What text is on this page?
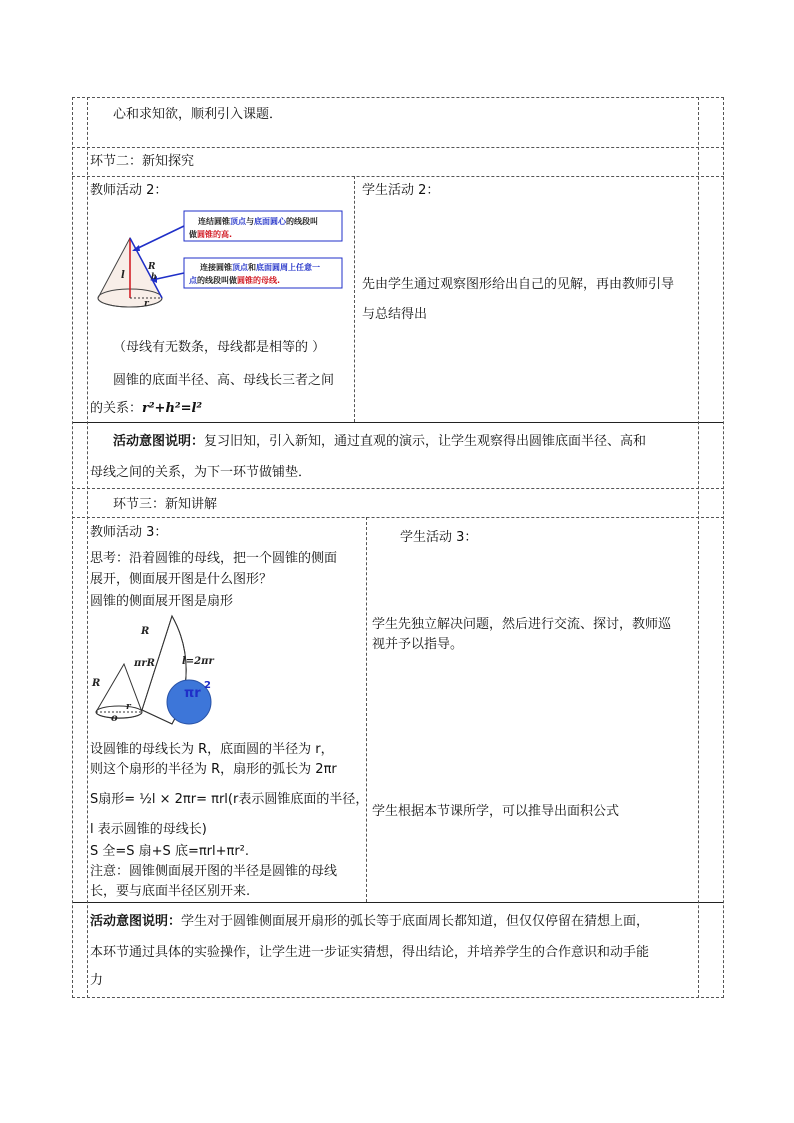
心和求知欲，顺利引入课题．
环节二：新知探究
教师活动 2：
连结圆锥顶点与底面圆心的线段叫
做圆锥的高.
连接圆锥顶点和底面圆周上任意一
点的线段叫做圆锥的母线.
l
R
h
r
（母线有无数条，母线都是相等的 ）
圆锥的底面半径、高、母线长三者之间
的关系：r²+h²=l²
学生活动 2：
先由学生通过观察图形给出自己的见解，再由教师引导
与总结得出
活动意图说明：复习旧知，引入新知，通过直观的演示，让学生观察得出圆锥底面半径、高和
母线之间的关系，为下一环节做铺垫．
环节三：新知讲解
教师活动 3：
思考：沿着圆锥的母线，把一个圆锥的侧面
展开，侧面展开图是什么图形？
圆锥的侧面展开图是扇形
R
πrR	l=2πr
R
r
o
πr
2
设圆锥的母线长为 R，底面圆的半径为 r，
则这个扇形的半径为 R，扇形的弧长为 2πr
S扇形= ½l × 2πr= πrl(r表示圆锥底面的半径，
l 表示圆锥的母线长)
S 全=S 扇+S 底=πrl+πr².
注意：圆锥侧面展开图的半径是圆锥的母线
长，要与底面半径区别开来.
学生活动 3：
学生先独立解决问题，然后进行交流、探讨，教师巡
视并予以指导。
学生根据本节课所学，可以推导出面积公式
活动意图说明：学生对于圆锥侧面展开扇形的弧长等于底面周长都知道，但仅仅停留在猜想上面，
本环节通过具体的实验操作，让学生进一步证实猜想，得出结论，并培养学生的合作意识和动手能
力
